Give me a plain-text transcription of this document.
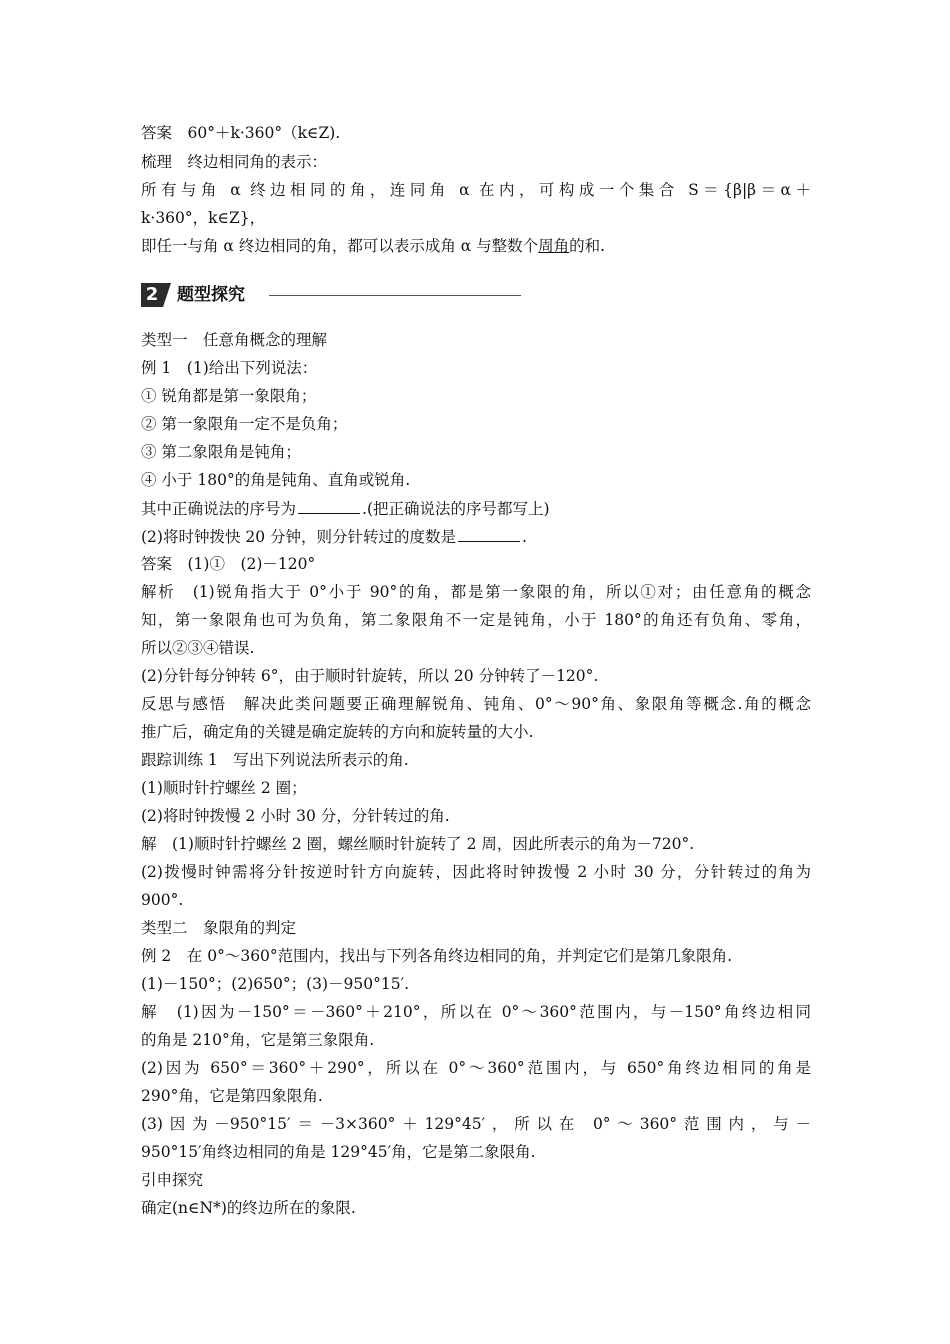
答案　60°＋k·360°（k∈Z).
梳理　终边相同角的表示：
所有与角 α 终边相同的角，连同角 α 在内，可构成一个集合 S＝{β|β＝α＋
k·360°，k∈Z}，
即任一与角 α 终边相同的角，都可以表示成角 α 与整数个周角的和.
2 题型探究
类型一　任意角概念的理解
例 1　(1)给出下列说法：
① 锐角都是第一象限角；
② 第一象限角一定不是负角；
③ 第二象限角是钝角；
④ 小于 180°的角是钝角、直角或锐角.
其中正确说法的序号为	.(把正确说法的序号都写上)
(2)将时钟拨快 20 分钟，则分针转过的度数是	.
答案　(1)①　(2)－120°
解析　(1)锐角指大于 0°小于 90°的角，都是第一象限的角，所以①对；由任意角的概念
知，第一象限角也可为负角，第二象限角不一定是钝角，小于 180°的角还有负角、零角，
所以②③④错误.
(2)分针每分钟转 6°，由于顺时针旋转，所以 20 分钟转了－120°.
反思与感悟　解决此类问题要正确理解锐角、钝角、0°～90°角、象限角等概念.角的概念
推广后，确定角的关键是确定旋转的方向和旋转量的大小.
跟踪训练 1　写出下列说法所表示的角.
(1)顺时针拧螺丝 2 圈；
(2)将时钟拨慢 2 小时 30 分，分针转过的角.
解　(1)顺时针拧螺丝 2 圈，螺丝顺时针旋转了 2 周，因此所表示的角为－720°.
(2)拨慢时钟需将分针按逆时针方向旋转，因此将时钟拨慢 2 小时 30 分，分针转过的角为
900°.
类型二　象限角的判定
例 2　在 0°～360°范围内，找出与下列各角终边相同的角，并判定它们是第几象限角.
(1)－150°；(2)650°；(3)－950°15′.
解　(1)因为－150°＝－360°＋210°，所以在 0°～360°范围内，与－150°角终边相同
的角是 210°角，它是第三象限角.
(2)因为 650°＝360°＋290°，所以在 0°～360°范围内，与 650°角终边相同的角是
290°角，它是第四象限角.
(3)因为－950°15′＝－3×360°＋129°45′，所以在 0°～360°范围内，与－
950°15′角终边相同的角是 129°45′角，它是第二象限角.
引申探究
确定(n∈N*)的终边所在的象限.
